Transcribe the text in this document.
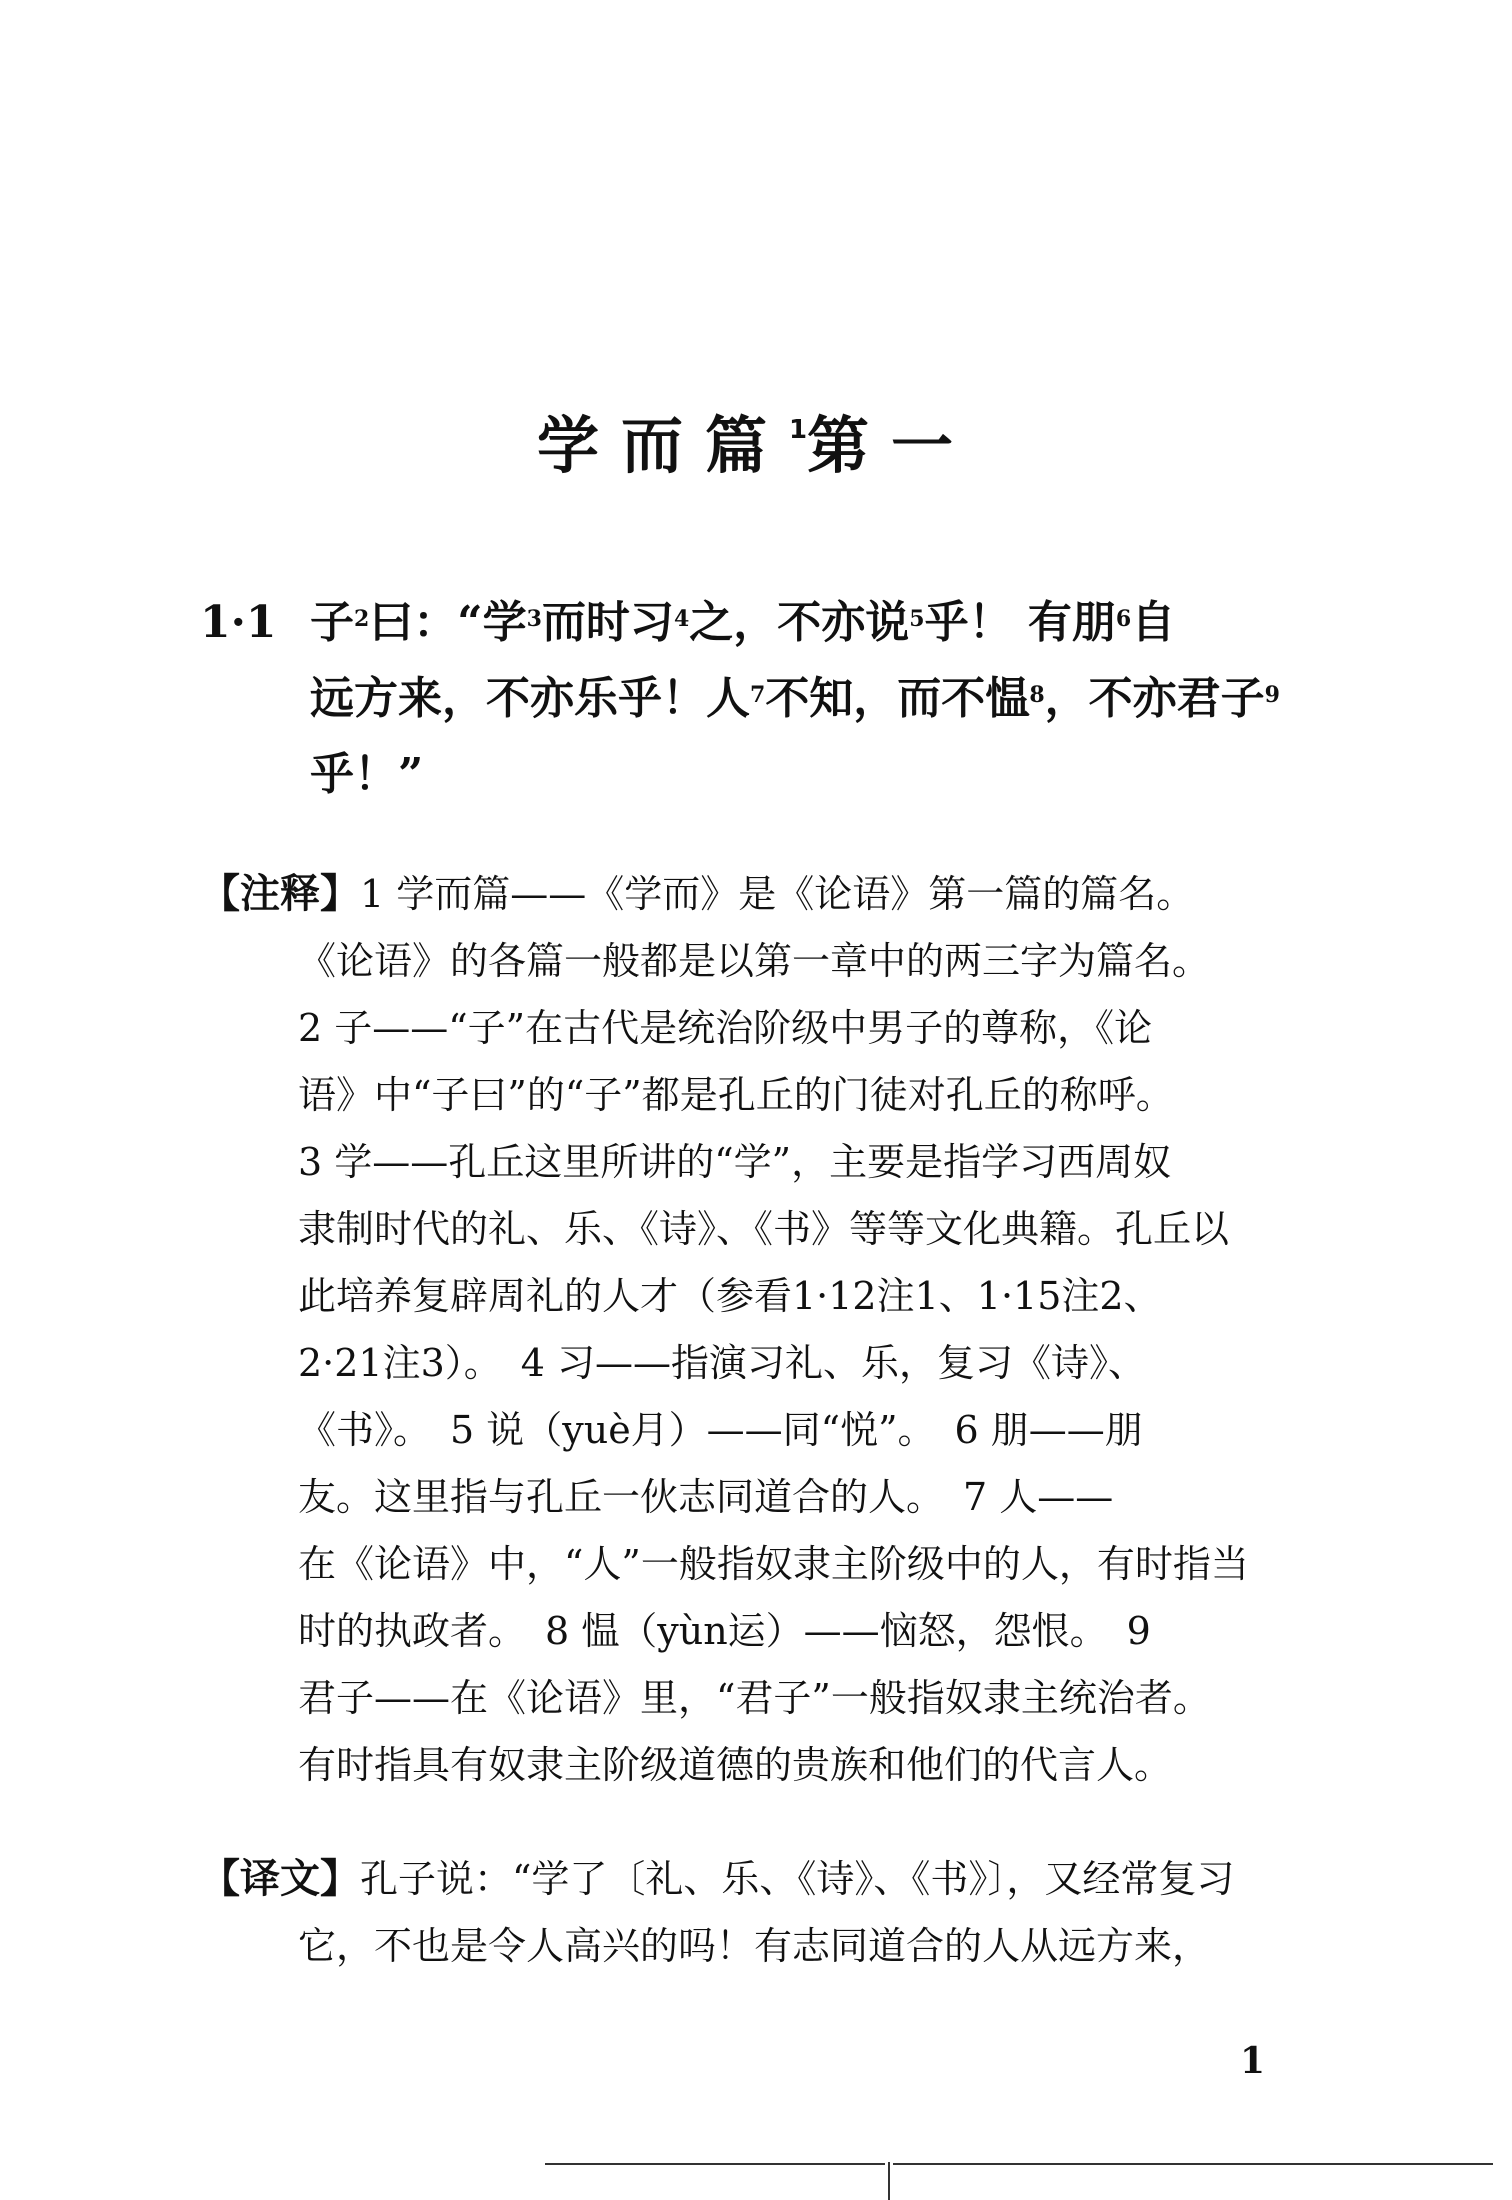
学而篇$^1$第一
1·1 子$^2$曰：“学$^3$而时习$^4$之，不亦说$^5$乎！ 有朋$^6$自
远方来，不亦乐乎！人$^7$不知，而不愠$^8$，不亦君子$^9$
乎！”
【注释】1 学而篇——《学而》是《论语》第一篇的篇名。
《论语》的各篇一般都是以第一章中的两三字为篇名。
2 子——“子”在古代是统治阶级中男子的尊称，《论
语》中“子曰”的“子”都是孔丘的门徒对孔丘的称呼。
3 学——孔丘这里所讲的“学”，主要是指学习西周奴
隶制时代的礼、乐、《诗》、《书》等等文化典籍。孔丘以
此培养复辟周礼的人才（参看1·12注1、1·15注2、
2·21注3）。　4 习——指演习礼、乐，复习《诗》、
《书》。　5 说（yuè月）——同“悦”。　6 朋——朋
友。这里指与孔丘一伙志同道合的人。　7 人——
在《论语》中，“人”一般指奴隶主阶级中的人，有时指当
时的执政者。　8 愠（yùn运）——恼怒，怨恨。　9
君子——在《论语》里，“君子”一般指奴隶主统治者。
有时指具有奴隶主阶级道德的贵族和他们的代言人。
【译文】孔子说：“学了〔礼、乐、《诗》、《书》〕，又经常复习
它，不也是令人高兴的吗！有志同道合的人从远方来，
1
